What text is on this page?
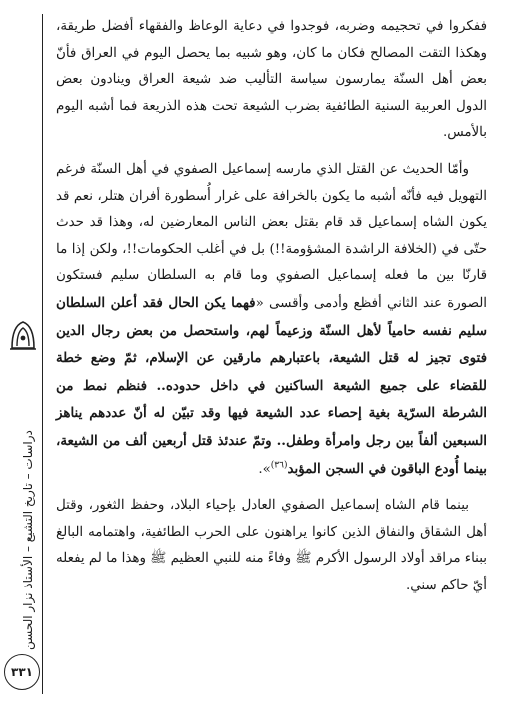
دراسات – تاريخ التشيع – الأستاذ نزار الحسن
٣٣١

ففكروا في تحجيمه وضربه، فوجدوا في دعاية الوعاظ والفقهاء أفضل طريقة، وهكذا التقت المصالح فكان ما كان، وهو شبيه بما يحصل اليوم في العراق فأنّ بعض أهل السنّة يمارسون سياسة التأليب ضد شيعة العراق وينادون بعض الدول العربية السنية الطائفية بضرب الشيعة تحت هذه الذريعة فما أشبه اليوم بالأمس.

وأمّا الحديث عن القتل الذي مارسه إسماعيل الصفوي في أهل السنّة فرغم التهويل فيه فأنّه أشبه ما يكون بالخرافة على غرار أُسطورة أفران هتلر، نعم قد يكون الشاه إسماعيل قد قام بقتل بعض الناس المعارضين له، وهذا قد حدث حتّى في (الخلافة الراشدة المشؤومة!!) بل في أغلب الحكومات!!، ولكن إذا ما قارنّا بين ما فعله إسماعيل الصفوي وما قام به السلطان سليم فستكون الصورة عند الثاني أفظع وأدمى وأقسى «فهما يكن الحال فقد أعلن السلطان سليم نفسه حامياً لأهل السنّة وزعيماً لهم، واستحصل من بعض رجال الدين فتوى تجيز له قتل الشيعة، باعتبارهم مارقين عن الإسلام، ثمّ وضع خطة للقضاء على جميع الشيعة الساكنين في داخل حدوده.. فنظم نمط من الشرطة السرّية بغية إحصاء عدد الشيعة فيها وقد تبيّن له أنّ عددهم يناهز السبعين ألفاً بين رجل وامرأة وطفل.. وتمّ عندئذ قتل أربعين ألف من الشيعة، بينما أُودع الباقون في السجن المؤبد$^{(٣٦)}$».

بينما قام الشاه إسماعيل الصفوي العادل بإحياء البلاد، وحفظ الثغور، وقتل أهل الشقاق والنفاق الذين كانوا يراهنون على الحرب الطائفية، واهتمامه البالغ ببناء مراقد أولاد الرسول الأكرم ﷺ وفاءً منه للنبي العظيم ﷺ وهذا ما لم يفعله أيّ حاكم سني.
